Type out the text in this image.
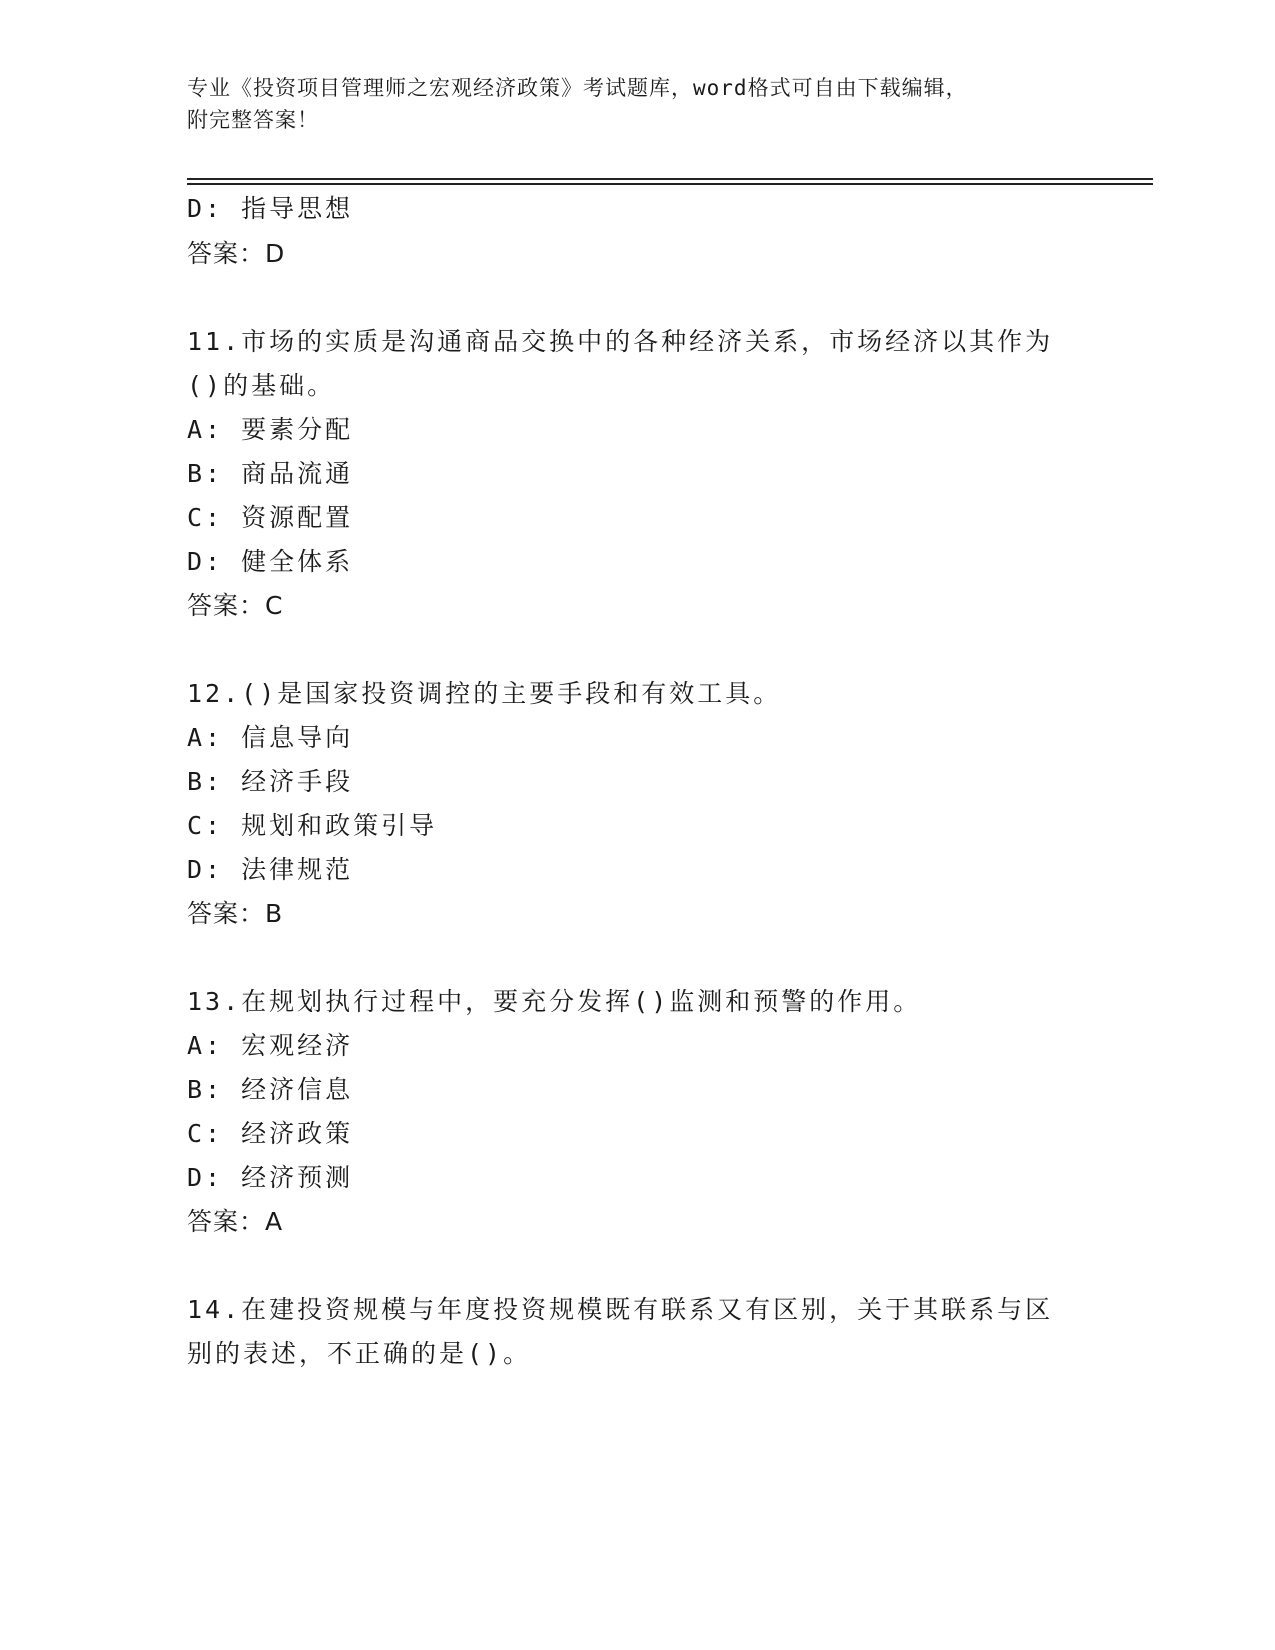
专业《投资项目管理师之宏观经济政策》考试题库，word格式可自由下载编辑，
附完整答案！
D: 指导思想
答案：D
11.市场的实质是沟通商品交换中的各种经济关系，市场经济以其作为
()的基础。
A: 要素分配
B: 商品流通
C: 资源配置
D: 健全体系
答案：C
12.()是国家投资调控的主要手段和有效工具。
A: 信息导向
B: 经济手段
C: 规划和政策引导
D: 法律规范
答案：B
13.在规划执行过程中，要充分发挥()监测和预警的作用。
A: 宏观经济
B: 经济信息
C: 经济政策
D: 经济预测
答案：A
14.在建投资规模与年度投资规模既有联系又有区别，关于其联系与区
别的表述，不正确的是()。
